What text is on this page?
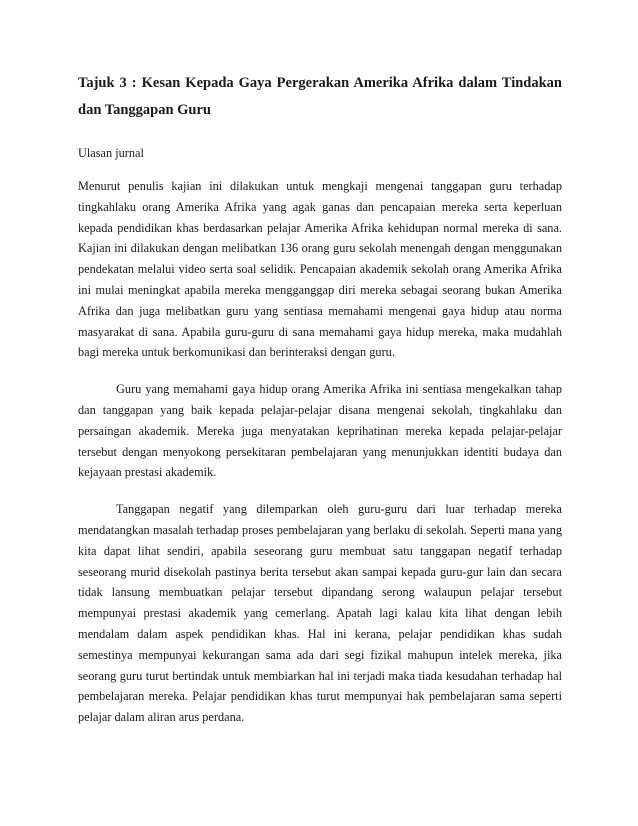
Tajuk 3 : Kesan Kepada Gaya Pergerakan Amerika Afrika dalam Tindakan dan Tanggapan Guru

Ulasan jurnal

Menurut penulis kajian ini dilakukan untuk mengkaji mengenai tanggapan guru terhadap tingkahlaku orang Amerika Afrika yang agak ganas dan pencapaian mereka serta keperluan kepada pendidikan khas berdasarkan pelajar Amerika Afrika kehidupan normal mereka di sana. Kajian ini dilakukan dengan melibatkan 136 orang guru sekolah menengah dengan menggunakan pendekatan melalui video serta soal selidik. Pencapaian akademik sekolah orang Amerika Afrika ini mulai meningkat apabila mereka mengganggap diri mereka sebagai seorang bukan Amerika Afrika dan juga melibatkan guru yang sentiasa memahami mengenai gaya hidup atau norma masyarakat di sana. Apabila guru-guru di sana memahami gaya hidup mereka, maka mudahlah bagi mereka untuk berkomunikasi dan berinteraksi dengan guru.

Guru yang memahami gaya hidup orang Amerika Afrika ini sentiasa mengekalkan tahap dan tanggapan yang baik kepada pelajar-pelajar disana mengenai sekolah, tingkahlaku dan persaingan akademik. Mereka juga menyatakan keprihatinan mereka kepada pelajar-pelajar tersebut dengan menyokong persekitaran pembelajaran yang menunjukkan identiti budaya dan kejayaan prestasi akademik.

Tanggapan negatif yang dilemparkan oleh guru-guru dari luar terhadap mereka mendatangkan masalah terhadap proses pembelajaran yang berlaku di sekolah. Seperti mana yang kita dapat lihat sendiri, apabila seseorang guru membuat satu tanggapan negatif terhadap seseorang murid disekolah pastinya berita tersebut akan sampai kepada guru-gur lain dan secara tidak lansung membuatkan pelajar tersebut dipandang serong walaupun pelajar tersebut mempunyai prestasi akademik yang cemerlang. Apatah lagi kalau kita lihat dengan lebih mendalam dalam aspek pendidikan khas. Hal ini kerana, pelajar pendidikan khas sudah semestinya mempunyai kekurangan sama ada dari segi fizikal mahupun intelek mereka, jika seorang guru turut bertindak untuk membiarkan hal ini terjadi maka tiada kesudahan terhadap hal pembelajaran mereka. Pelajar pendidikan khas turut mempunyai hak pembelajaran sama seperti pelajar dalam aliran arus perdana.
